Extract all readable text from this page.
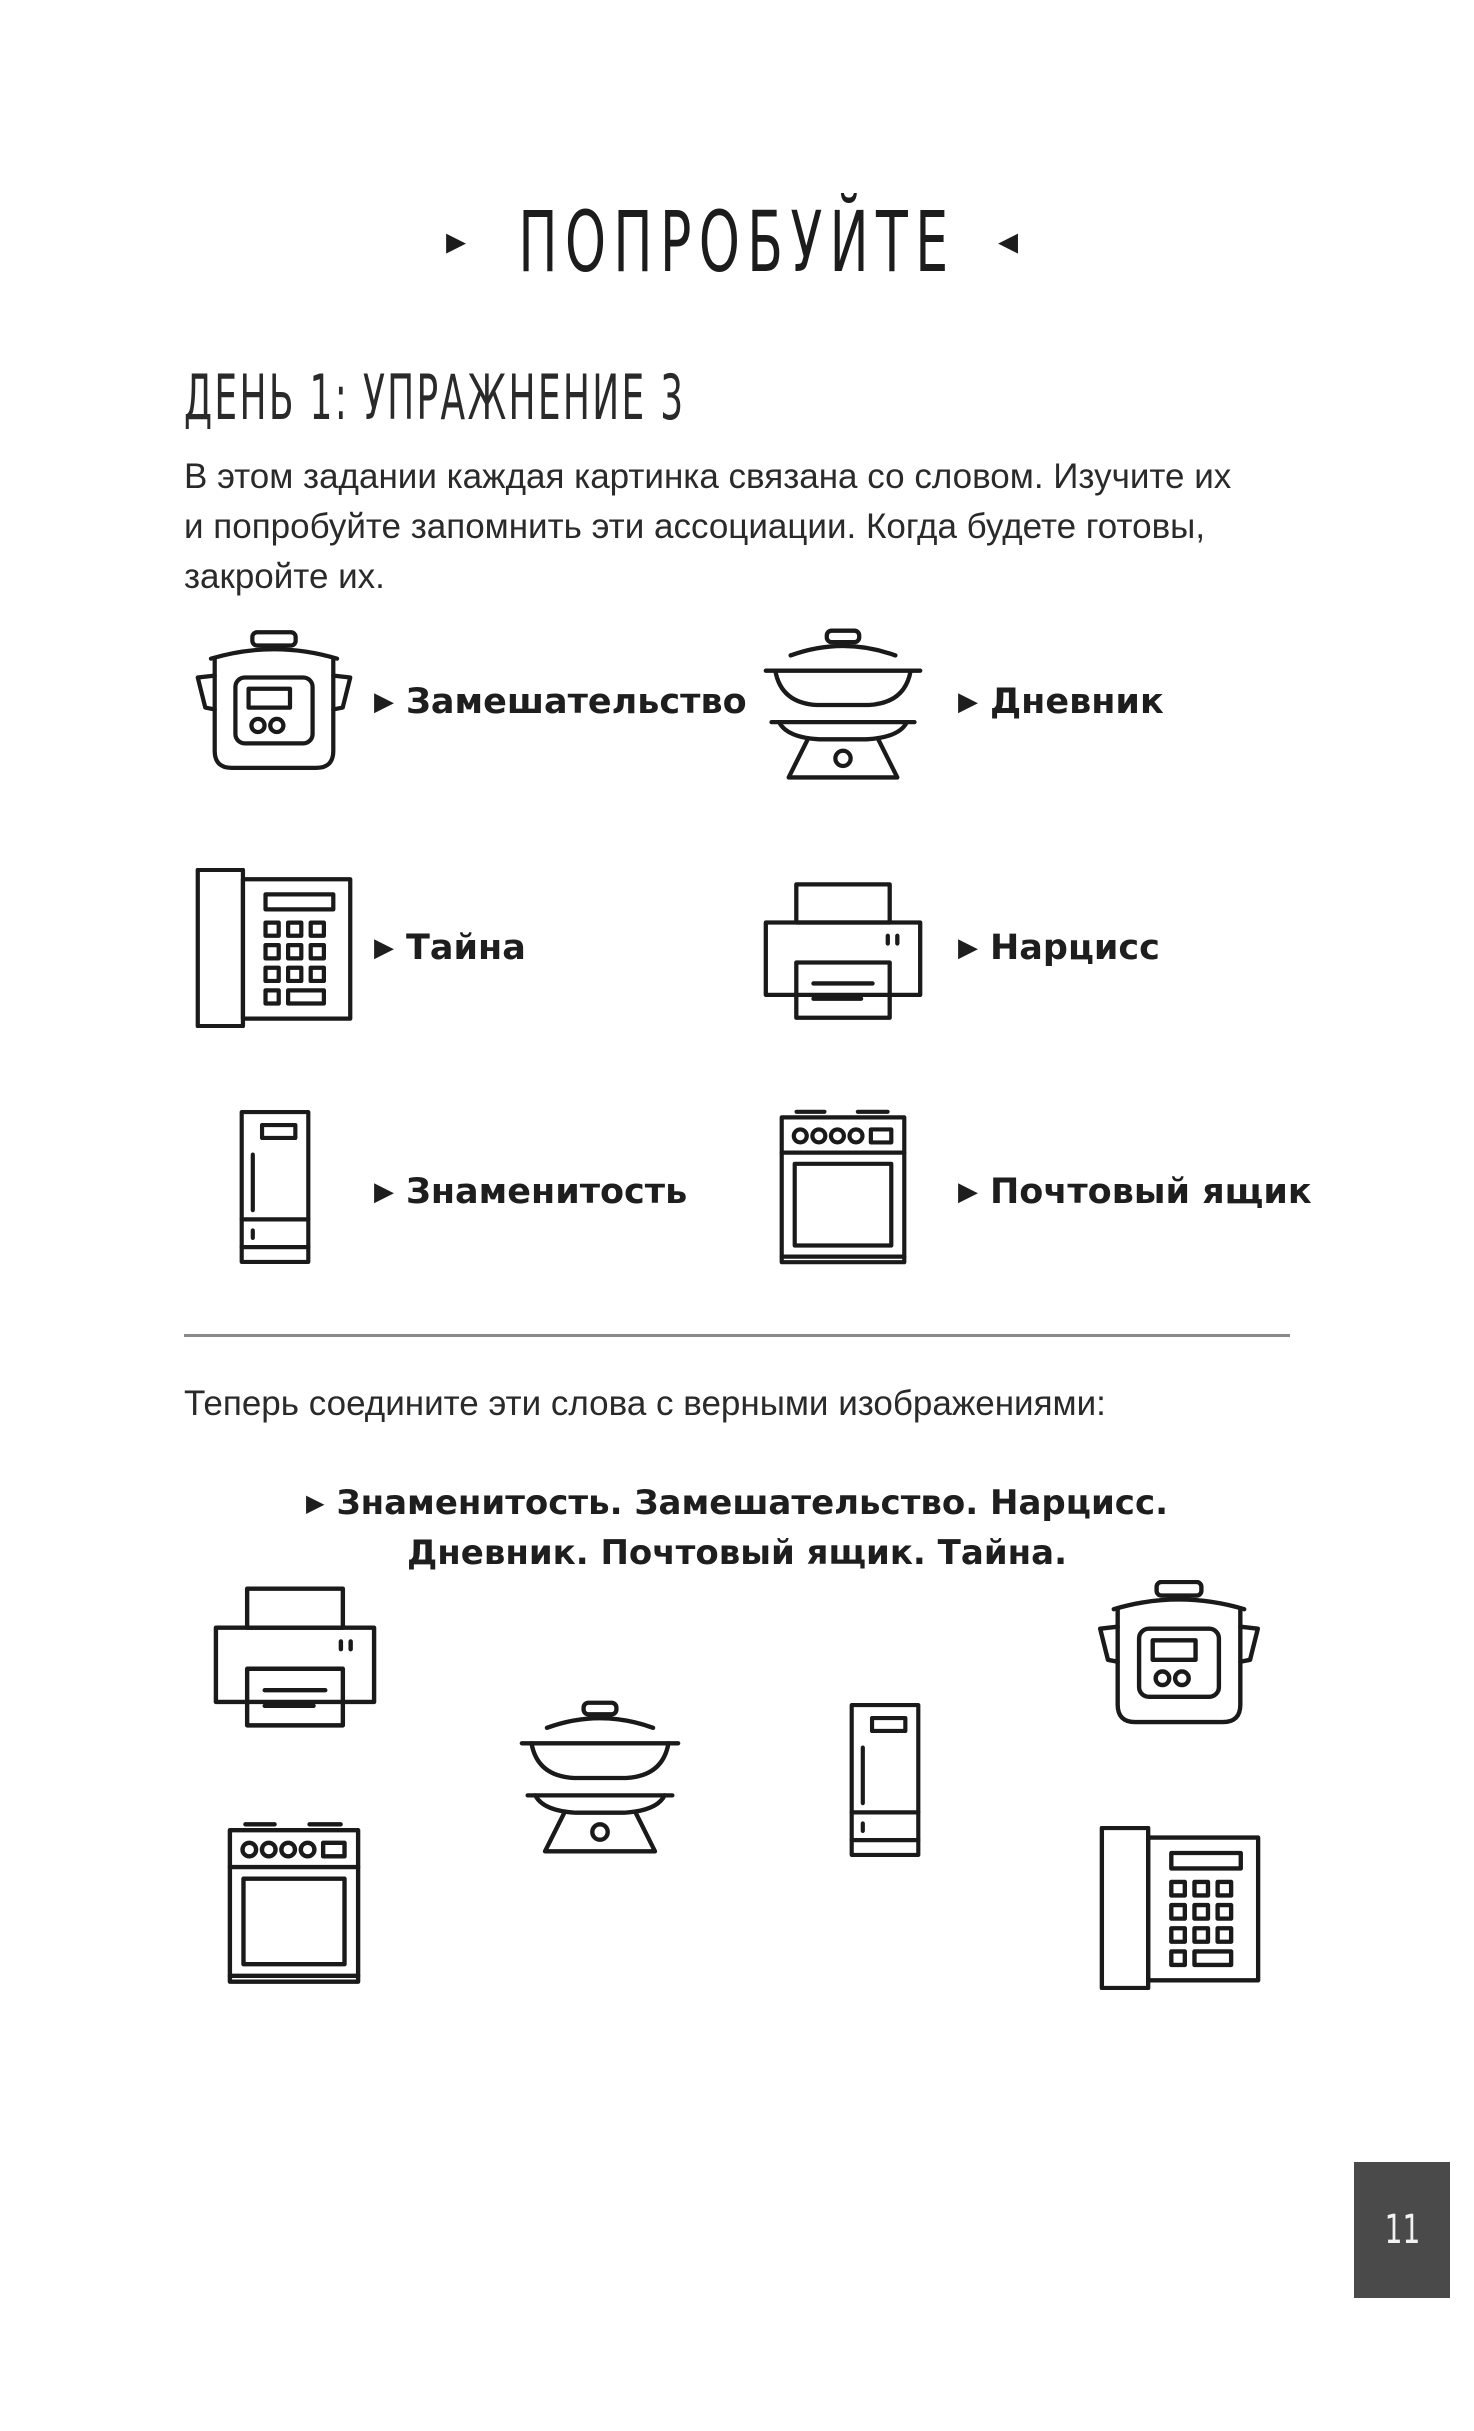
▸ ПОПРОБУЙТЕ	◂
ДЕНЬ 1: УПРАЖНЕНИЕ 3
В этом задании каждая картинка связана со словом. Изучите их
и попробуйте запомнить эти ассоциации. Когда будете готовы,
закройте их.
▶ Замешательство	▶ Дневник
▶ Тайна	▶ Нарцисс
▶ Знаменитость	▶ Почтовый ящик
Теперь соедините эти слова с верными изображениями:
▶ Знаменитость. Замешательство. Нарцисс.
Дневник. Почтовый ящик. Тайна.
11
